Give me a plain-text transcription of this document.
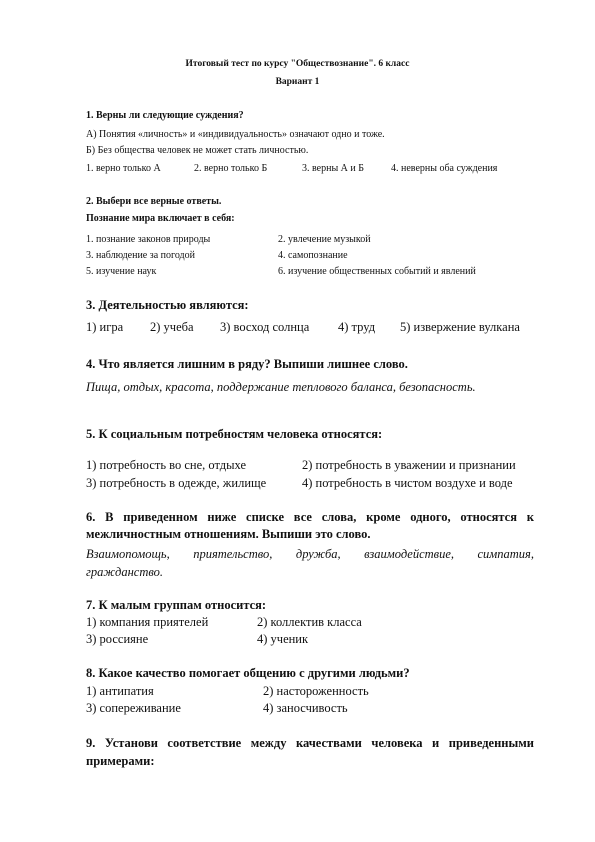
Итоговый тест по курсу "Обществознание". 6 класс
Вариант 1
1. Верны ли следующие суждения?
А) Понятия «личность» и «индивидуальность» означают одно и тоже.
Б) Без общества человек не может стать личностью.
1. верно только А	2. верно только Б	3. верны А и Б	4. неверны оба суждения
2. Выбери все верные ответы.
Познание мира включает в себя:
1. познание законов природы	2. увлечение музыкой
3. наблюдение за погодой	4. самопознание
5. изучение наук	6. изучение общественных событий и явлений
3. Деятельностью являются:
1) игра 2) учеба 3) восход солнца 4) труд 5) извержение вулкана
4. Что является лишним в ряду? Выпиши лишнее слово.
Пища, отдых, красота, поддержание теплового баланса, безопасность.
5. К социальным потребностям человека относятся:
1) потребность во сне, отдыхе	2) потребность в уважении и признании
3) потребность в одежде, жилище	4) потребность в чистом воздухе и воде
6. В приведенном ниже списке все слова, кроме одного, относятся к
межличностным отношениям. Выпиши это слово.
Взаимопомощь, приятельство, дружба, взаимодействие, симпатия,
гражданство.
7. К малым группам относится:
1) компания приятелей	2) коллектив класса
3) россияне	4) ученик
8. Какое качество помогает общению с другими людьми?
1) антипатия	2) настороженность
3) сопереживание	4) заносчивость
9. Установи соответствие между качествами человека и приведенными
примерами:
